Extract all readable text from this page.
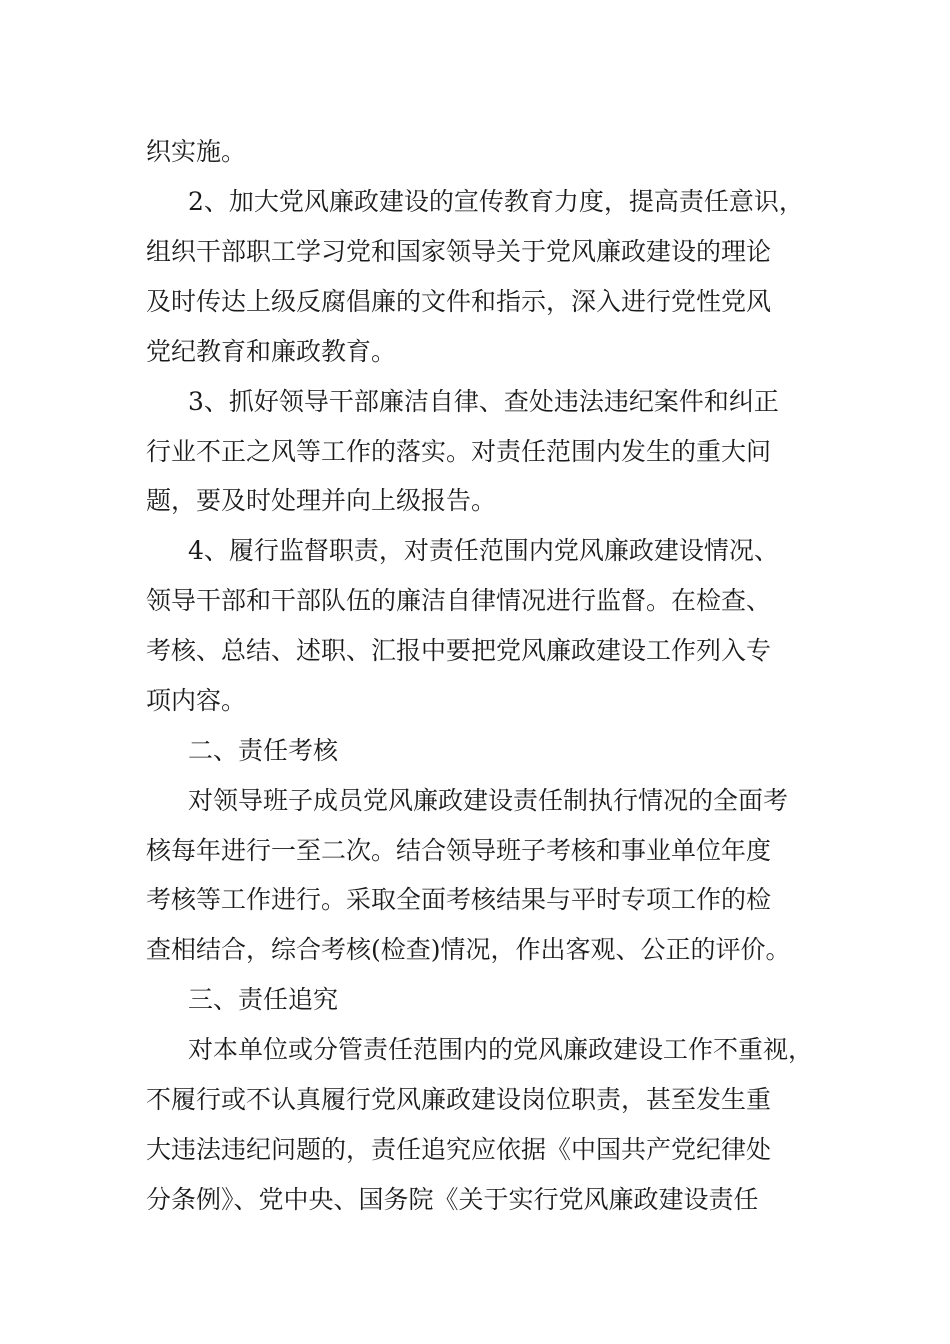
织实施。
2、加大党风廉政建设的宣传教育力度，提高责任意识，
组织干部职工学习党和国家领导关于党风廉政建设的理论
及时传达上级反腐倡廉的文件和指示，深入进行党性党风
党纪教育和廉政教育。
3、抓好领导干部廉洁自律、查处违法违纪案件和纠正
行业不正之风等工作的落实。对责任范围内发生的重大问
题，要及时处理并向上级报告。
4、履行监督职责，对责任范围内党风廉政建设情况、
领导干部和干部队伍的廉洁自律情况进行监督。在检查、
考核、总结、述职、汇报中要把党风廉政建设工作列入专
项内容。
二、责任考核
对领导班子成员党风廉政建设责任制执行情况的全面考
核每年进行一至二次。结合领导班子考核和事业单位年度
考核等工作进行。采取全面考核结果与平时专项工作的检
查相结合，综合考核(检查)情况，作出客观、公正的评价。
三、责任追究
对本单位或分管责任范围内的党风廉政建设工作不重视，
不履行或不认真履行党风廉政建设岗位职责，甚至发生重
大违法违纪问题的，责任追究应依据《中国共产党纪律处
分条例》、党中央、国务院《关于实行党风廉政建设责任
